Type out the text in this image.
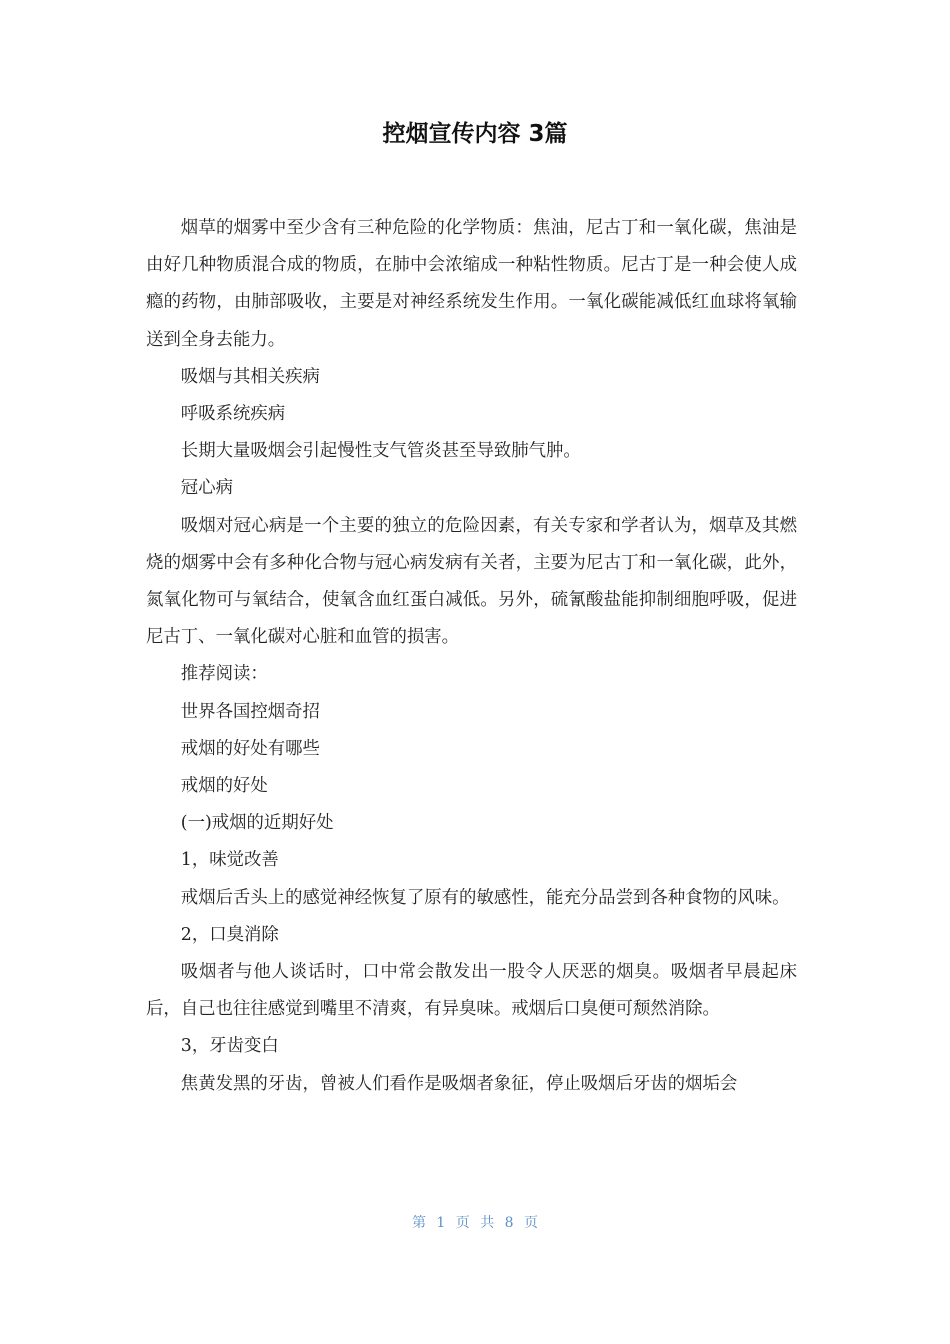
控烟宣传内容 3篇

烟草的烟雾中至少含有三种危险的化学物质：焦油，尼古丁和一氧化碳，焦油是由好几种物质混合成的物质，在肺中会浓缩成一种粘性物质。尼古丁是一种会使人成瘾的药物，由肺部吸收，主要是对神经系统发生作用。一氧化碳能减低红血球将氧输送到全身去能力。

吸烟与其相关疾病

呼吸系统疾病

长期大量吸烟会引起慢性支气管炎甚至导致肺气肿。

冠心病

吸烟对冠心病是一个主要的独立的危险因素，有关专家和学者认为，烟草及其燃烧的烟雾中会有多种化合物与冠心病发病有关者，主要为尼古丁和一氧化碳，此外，氮氧化物可与氧结合，使氧含血红蛋白减低。另外，硫氰酸盐能抑制细胞呼吸，促进尼古丁、一氧化碳对心脏和血管的损害。

推荐阅读：

世界各国控烟奇招

戒烟的好处有哪些

戒烟的好处

(一)戒烟的近期好处

1，味觉改善

戒烟后舌头上的感觉神经恢复了原有的敏感性，能充分品尝到各种食物的风味。

2，口臭消除

吸烟者与他人谈话时，口中常会散发出一股令人厌恶的烟臭。吸烟者早晨起床后，自己也往往感觉到嘴里不清爽，有异臭味。戒烟后口臭便可颓然消除。

3，牙齿变白

焦黄发黑的牙齿，曾被人们看作是吸烟者象征，停止吸烟后牙齿的烟垢会

第 1 页 共 8 页
